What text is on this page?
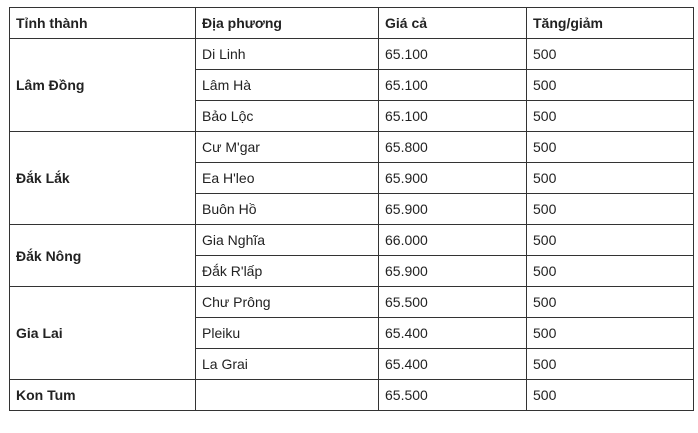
Tỉnh thành	Địa phương	Giá cả	Tăng/giảm
Lâm Đồng	Di Linh	65.100	500
	Lâm Hà	65.100	500
	Bảo Lộc	65.100	500
Đắk Lắk	Cư M'gar	65.800	500
	Ea H'leo	65.900	500
	Buôn Hồ	65.900	500
Đắk Nông	Gia Nghĩa	66.000	500
	Đắk R'lấp	65.900	500
Gia Lai	Chư Prông	65.500	500
	Pleiku	65.400	500
	La Grai	65.400	500
Kon Tum		65.500	500
